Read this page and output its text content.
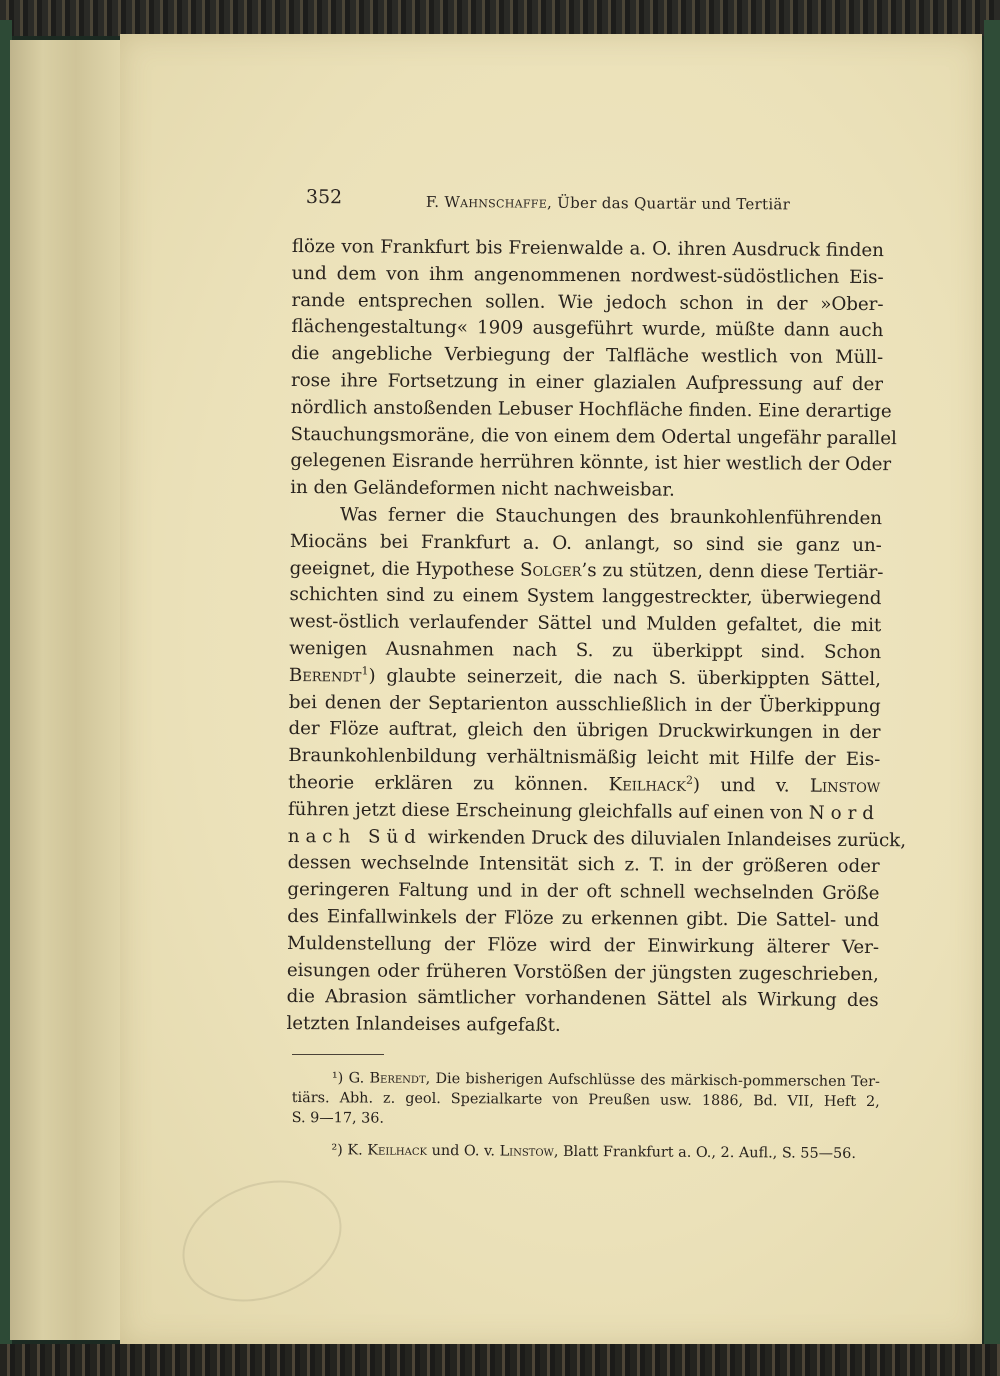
352	F. Wahnschaffe, Über das Quartär und Tertiär
flöze von Frankfurt bis Freienwalde a. O. ihren Ausdruck finden
und dem von ihm angenommenen nordwest-südöstlichen Eis-
rande entsprechen sollen. Wie jedoch schon in der »Ober-
flächengestaltung« 1909 ausgeführt wurde, müßte dann auch
die angebliche Verbiegung der Talfläche westlich von Müll-
rose ihre Fortsetzung in einer glazialen Aufpressung auf der
nördlich anstoßenden Lebuser Hochfläche finden. Eine derartige
Stauchungsmoräne, die von einem dem Odertal ungefähr parallel
gelegenen Eisrande herrühren könnte, ist hier westlich der Oder
in den Geländeformen nicht nachweisbar.
Was ferner die Stauchungen des braunkohlenführenden
Miocäns bei Frankfurt a. O. anlangt, so sind sie ganz un-
geeignet, die Hypothese Solger’s zu stützen, denn diese Tertiär-
schichten sind zu einem System langgestreckter, überwiegend
west-östlich verlaufender Sättel und Mulden gefaltet, die mit
wenigen Ausnahmen nach S. zu überkippt sind. Schon
Berendt$^1$) glaubte seinerzeit, die nach S. überkippten Sättel,
bei denen der Septarienton ausschließlich in der Überkippung
der Flöze auftrat, gleich den übrigen Druckwirkungen in der
Braunkohlenbildung verhältnismäßig leicht mit Hilfe der Eis-
theorie erklären zu können. Keilhack$^2$) und v. Linstow
führen jetzt diese Erscheinung gleichfalls auf einen von Nord
nach Süd wirkenden Druck des diluvialen Inlandeises zurück,
dessen wechselnde Intensität sich z. T. in der größeren oder
geringeren Faltung und in der oft schnell wechselnden Größe
des Einfallwinkels der Flöze zu erkennen gibt. Die Sattel- und
Muldenstellung der Flöze wird der Einwirkung älterer Ver-
eisungen oder früheren Vorstößen der jüngsten zugeschrieben,
die Abrasion sämtlicher vorhandenen Sättel als Wirkung des
letzten Inlandeises aufgefaßt.
¹) G. Berendt, Die bisherigen Aufschlüsse des märkisch-pommerschen Ter-
tiärs. Abh. z. geol. Spezialkarte von Preußen usw. 1886, Bd. VII, Heft 2,
S. 9—17, 36.
²) K. Keilhack und O. v. Linstow, Blatt Frankfurt a. O., 2. Aufl., S. 55—56.
